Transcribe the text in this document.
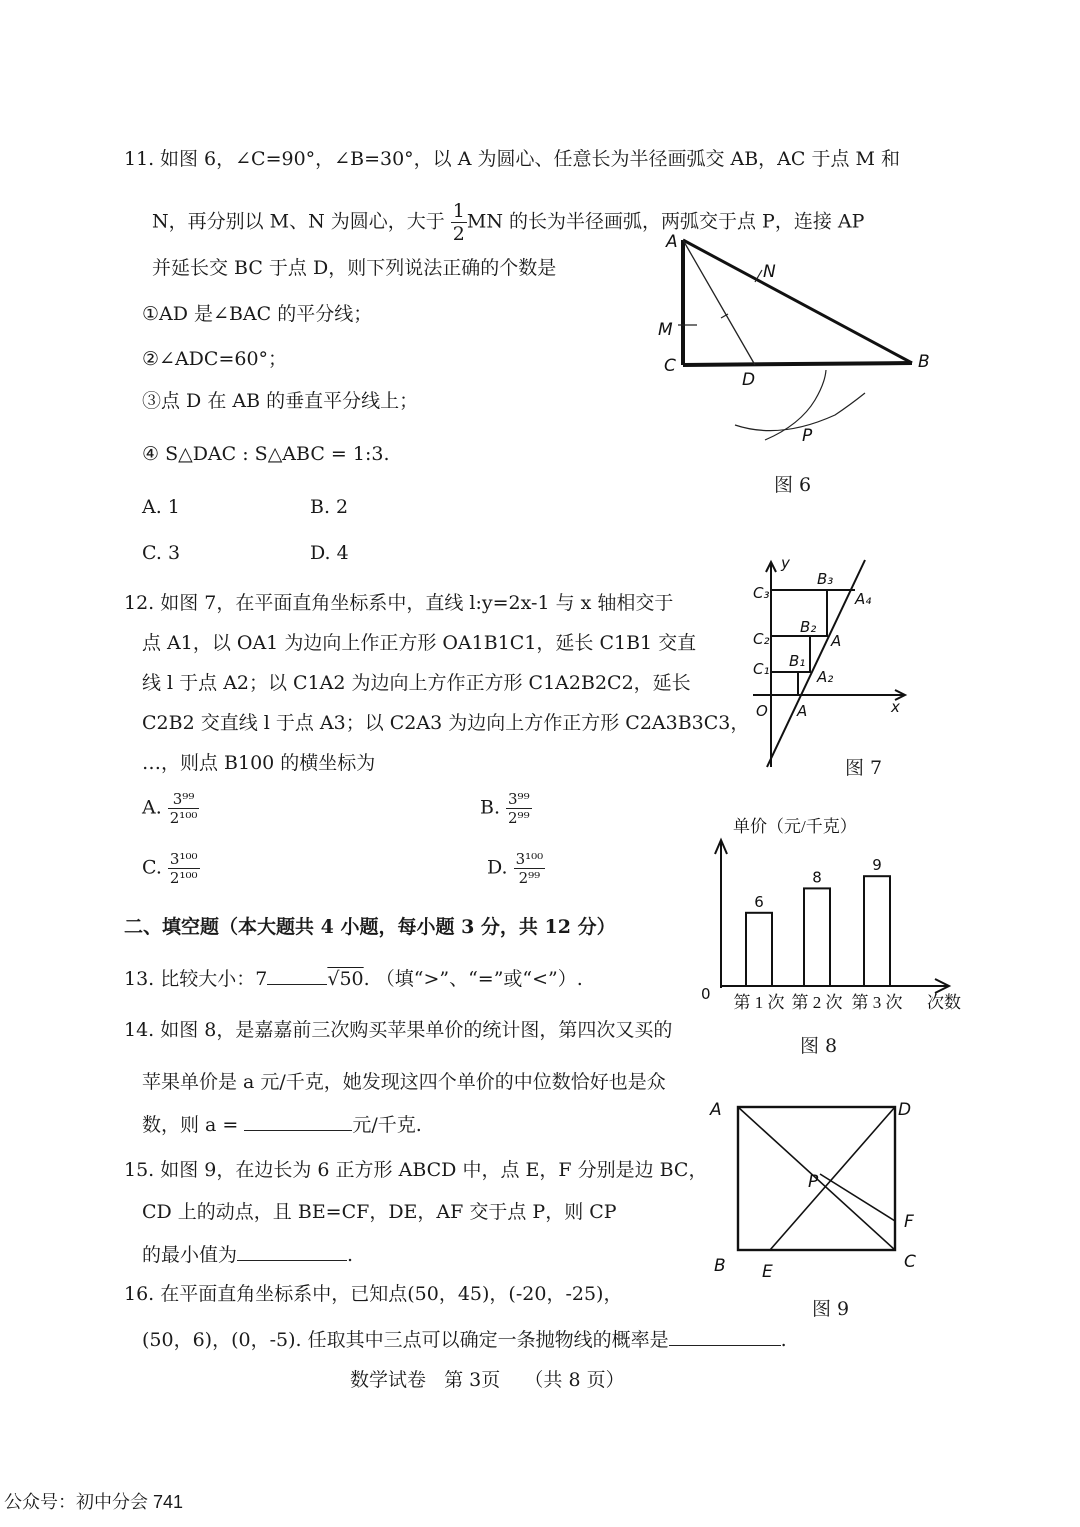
11. 如图 6，∠C=90°，∠B=30°，以 A 为圆心、任意长为半径画弧交 AB，AC 于点 M 和
N，再分别以 M、N 为圆心，大于 $\frac{1}{2}$ MN 的长为半径画弧，两弧交于点 P，连接 AP
并延长交 BC 于点 D，则下列说法正确的个数是
①AD 是∠BAC 的平分线；
②∠ADC=60°；
③点 D 在 AB 的垂直平分线上；
④ S△DAC : S△ABC = 1:3.
A. 1	B. 2
C. 3	D. 4
A
N
M
C
D
B
P
图 6
12. 如图 7，在平面直角坐标系中，直线 l:y=2x-1 与 x 轴相交于
点 A1，以 OA1 为边向上作正方形 OA1B1C1，延长 C1B1 交直
线 l 于点 A2；以 C1A2 为边向上方作正方形 C1A2B2C2，延长
C2B2 交直线 l 于点 A3；以 C2A3 为边向上方作正方形 C2A3B3C3，
…，则点 B100 的横坐标为
A. $\frac{\text{3⁹⁹}}{\text{2¹⁰⁰}}$	B. $\frac{\text{3⁹⁹}}{\text{2⁹⁹}}$
C. $\frac{\text{3¹⁰⁰}}{\text{2¹⁰⁰}}$	D. $\frac{\text{3¹⁰⁰}}{\text{2⁹⁹}}$
y
B₃
C₃	A₄
C₂
B₂
A
C₁ B₁
A₂
O A	x
图 7
二、填空题（本大题共 4 小题，每小题 3 分，共 12 分）
13. 比较大小：7	√50. （填“>”、“=”或“<”）.
14. 如图 8，是嘉嘉前三次购买苹果单价的统计图，第四次又买的
苹果单价是 a 元/千克，她发现这四个单价的中位数恰好也是众
数，则 a =	元/千克.
单价（元/千克）
0	次数
6
第 1 次
8
第 2 次
9
第 3 次
图 8
15. 如图 9，在边长为 6 正方形 ABCD 中，点 E，F 分别是边 BC，
CD 上的动点，且 BE=CF，DE，AF 交于点 P，则 CP
的最小值为	.
A	D
P
F
B E	C
图 9
16. 在平面直角坐标系中，已知点(50，45)，(-20，-25)，
(50，6)，(0，-5). 任取其中三点可以确定一条抛物线的概率是	.
数学试卷   第 3页    （共 8 页）
公众号：初中分会 741
